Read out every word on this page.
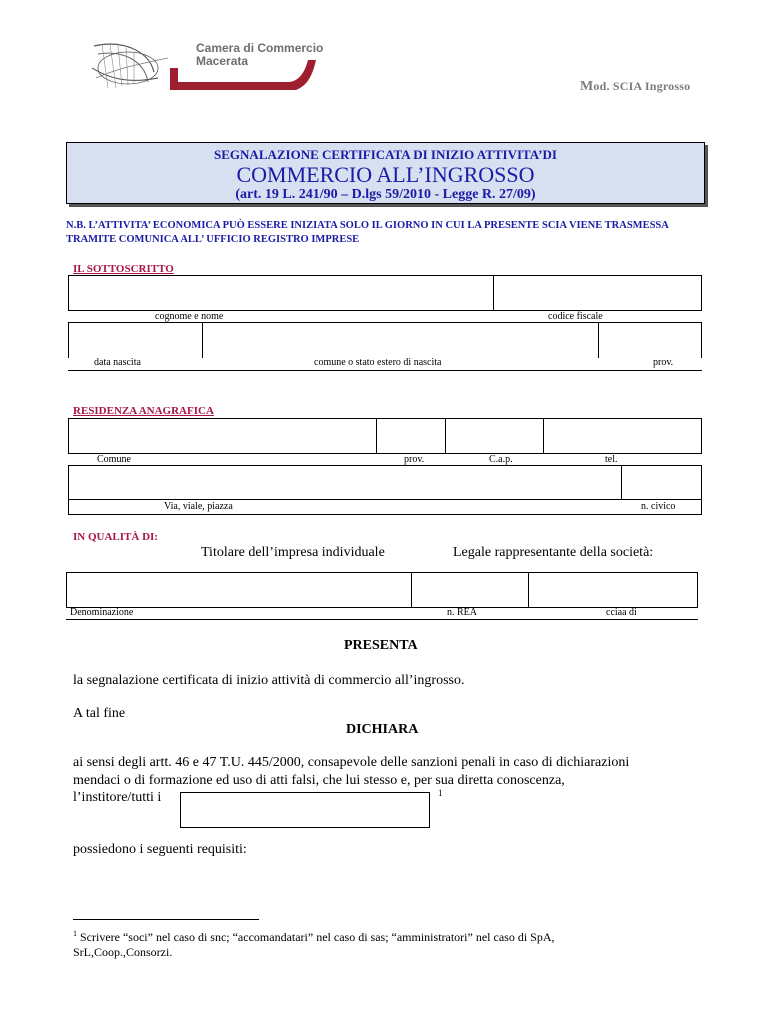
Camera di Commercio
Macerata
Mod. SCIA Ingrosso
SEGNALAZIONE CERTIFICATA DI INIZIO ATTIVITA’DI
COMMERCIO ALL’INGROSSO
(art. 19 L. 241/90 – D.lgs 59/2010 - Legge R. 27/09)
N.B. L’ATTIVITA’ ECONOMICA PUÒ ESSERE INIZIATA SOLO IL GIORNO IN CUI LA PRESENTE SCIA VIENE TRASMESSA TRAMITE COMUNICA ALL’ UFFICIO REGISTRO IMPRESE
IL SOTTOSCRITTO
cognome e nome	codice fiscale
data nascita	comune o stato estero di nascita	prov.
RESIDENZA ANAGRAFICA
Comune	prov.	C.a.p.	tel.
Via, viale, piazza	n. civico
IN QUALITÀ DI:
Titolare dell’impresa individuale	Legale rappresentante della società:
Denominazione	n. REA	cciaa di
PRESENTA
la segnalazione certificata di inizio attività di commercio all’ingrosso.
A tal fine
DICHIARA
ai sensi degli artt. 46 e 47 T.U. 445/2000, consapevole delle sanzioni penali in caso di dichiarazioni
mendaci o di formazione ed uso di atti falsi, che lui stesso e, per sua diretta conoscenza,
l’institore/tutti i	1
possiedono i seguenti requisiti:
$^1$ Scrivere “soci” nel caso di snc; “accomandatari” nel caso di sas; “amministratori” nel caso di SpA,
SrL,Coop.,Consorzi.
